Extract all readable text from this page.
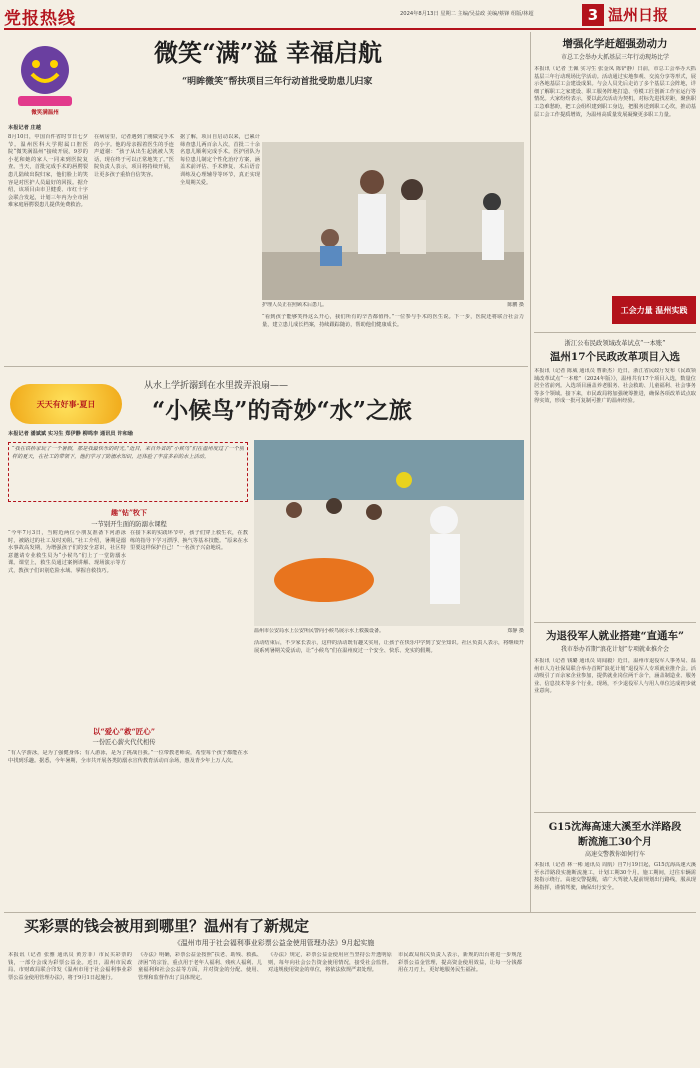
党报热线	2024年8月13日 星期二 主编/吴益政 美编/蔡锋 组版/林超	3 温州日报
微笑满温州
微笑“满”溢 幸福启航
“明眸微笑”帮扶项目三年行动首批受助患儿归家
本报记者 庄越
8月10日，中国百件省时节日七夕节。温州医科大学附属口腔医院“微笑满温州”接续开展。9岁的小花和她的家人一同来到医院复查。当天，首批完成手术的唇腭裂患儿陆续出院归家，他们脸上的笑容是对医护人员最好的回报。据介绍，该项目由市卫健委、市红十字会联合发起，计划三年内为全市困难家庭唇腭裂患儿提供免费救治。
在病房里，记者遇到了刚做完手术的小宇。他的母亲握着医生的手连声道谢：“孩子从出生起就被人笑话，现在终于可以正常地笑了。”医院负责人表示，项目将持续开展，让更多孩子重拾自信笑容。
据了解，项目自启动以来，已累计筛查患儿两百余人次，首批二十余名患儿顺利完成手术。医护团队为每位患儿制定个性化治疗方案，涵盖术前评估、手术修复、术后语音训练及心理辅导等环节，真正实现全周期关爱。
护理人员正在照顾术后患儿。	陈鹏 摄
“看到孩子能够笑得这么开心，我们所有的辛苦都值得。”一位参与手术的医生说。下一步，医院还将联合社会力量，建立患儿成长档案，持续跟踪随访，帮助他们健康成长。
增强化学赶超强劲动力
市总工会举办大抓基层三年行动现场比学
本报讯（记者 王佩 实习生 张金凤 陈铲静）日前，市总工会举办大抓基层三年行动现场比学活动。活动通过实地参观、交流分享等形式，展示各地基层工会建设成果。与会人员先后走访了多个基层工会阵地，详细了解职工之家建设、职工服务阵地打造、劳模工匠创新工作室运行等情况。大家纷纷表示，要以此次活动为契机，对标先进找差距，聚焦职工急难愁盼，把工会组织建到职工身边，把服务送到职工心坎，推动基层工会工作提质增效，为温州高质量发展凝聚更多职工力量。
工会力量 温州实践
浙江公布民政领域改革试点“一本账”
温州17个民政改革项目入选
本报讯（记者 陈威 通讯员 曹新杰）近日，浙江省民政厅发布《民政领域改革试点“一本账”（2024年版）》，温州共有17个项目入选，数量位居全省前列。入选项目涵盖养老服务、社会救助、儿童福利、社会事务等多个领域。接下来，市民政局将加强统筹推进，确保各项改革试点取得实效，形成一批可复制可推广的温州经验。
为退役军人就业搭建“直通车”
我市举办首期“浪花计划”专项就业推介会
本报讯（记者 钱璐 通讯员 周闻毅）近日，温州市退役军人事务局、温州市人力社保局联合举办首期“浪花计划”退役军人专项就业推介会。活动吸引了百余家企业参加，提供就业岗位两千余个，涵盖制造业、服务业、信息技术等多个行业。现场，不少退役军人与用人单位达成初步就业意向。
G15沈海高速大溪至水洋路段
断流施工30个月
高速交警教你如何行车
本报讯（记者 林一彬 通讯员 周航）自7月19日起，G15沈海高速大溪至水洋路段实施断流施工，计划工期30个月。施工期间，过往车辆需按指示绕行。高速交警提醒，请广大驾驶人提前规划出行路线，服从现场指挥，谨慎驾驶，确保出行安全。
天天有好事·夏日
从水上学折溺到在水里拨弄浪扇——
“小候鸟”的奇妙“水”之旅
本报记者 潘斌斌 实习生 郑伊静 柳鸣李 通讯员 许和瑜
“我在铁桥家玩了一个暑假，那是我最快乐的时光。”近日，来自外省的“小候鸟”们在温州度过了一个别样的夏天，在社工的带领下，他们学习了防溺水知识，还体验了丰富多彩的水上活动。
趣“钻”牧下
一节别开生面的防溺水课程
“今年7月3日，当附近两位小朋友准备下河游泳时，被路过的社工及时劝阻。”社工介绍，暑期是溺水事故高发期，为增强孩子们的安全意识，社区特意邀请专业救生员为“小候鸟”们上了一堂防溺水课。课堂上，救生员通过案例讲解、现场演示等方式，教孩子们识别危险水域、掌握自救技巧。
在接下来的实践环节中，孩子们穿上救生衣，在教练的指导下学习漂浮、换气等基本技能。“原来在水里要这样保护自己！”一名孩子兴奋地说。
温州市公安局水上公安所民警向小候鸟展示水上救援设备。	郑静 摄
活动结束后，不少家长表示，这样的活动既有趣又实用，让孩子在快乐中学到了安全知识。社区负责人表示，将继续开展系列暑期关爱活动，让“小候鸟”们在温州度过一个安全、快乐、充实的假期。
以“爱心”救“匠心”
一份匠心薪火代代相传
“有人学游泳，是为了强健身体；有人游泳，是为了挑战自我。”一位带教老师说，希望每个孩子都能在水中找到乐趣。据悉，今年暑期，全市共开展各类防溺水宣传教育活动百余场，惠及青少年上万人次。
买彩票的钱会被用到哪里？温州有了新规定
《温州市用于社会福利事业彩票公益金使用管理办法》9月起实施
本报讯（记者 张雅 通讯员 黄芳菲）市民买彩票的钱，一部分会成为彩票公益金。近日，温州市民政局、市财政局联合印发《温州市用于社会福利事业彩票公益金使用管理办法》，将于9月1日起施行。
《办法》明确，彩票公益金按照“扶老、助残、救孤、济困”的宗旨，重点用于老年人福利、残疾人福利、儿童福利和社会公益等方面，并对资金的分配、使用、管理和监督作出了具体规定。
《办法》规定，彩票公益金使用应当坚持公开透明原则，每年向社会公告资金使用情况，接受社会监督。对违规使用资金的单位，将依法依规严肃处理。
市民政局相关负责人表示，新规的出台将进一步规范彩票公益金管理，提高资金使用效益，让每一分钱都用在刀刃上，更好地服务民生福祉。
